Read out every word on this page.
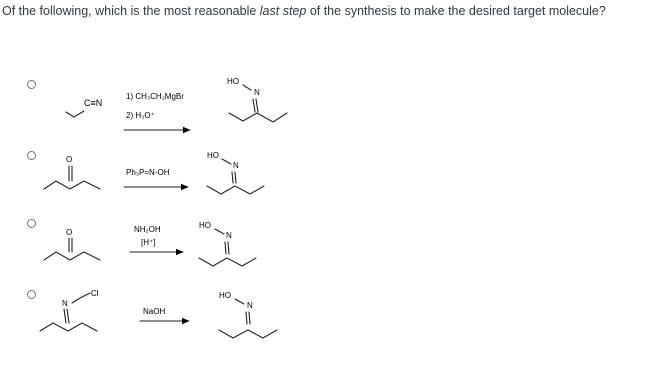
Of the following, which is the most reasonable last step of the synthesis to make the desired target molecule?
C≡N
1) CH₃CH₂MgBr
2) H₃O⁺
HO
N
O
Ph₃P=N-OH
HO
N
O	NH₂OH
[H⁺]
HO
N
Cl
N
NaOH
HO
N
